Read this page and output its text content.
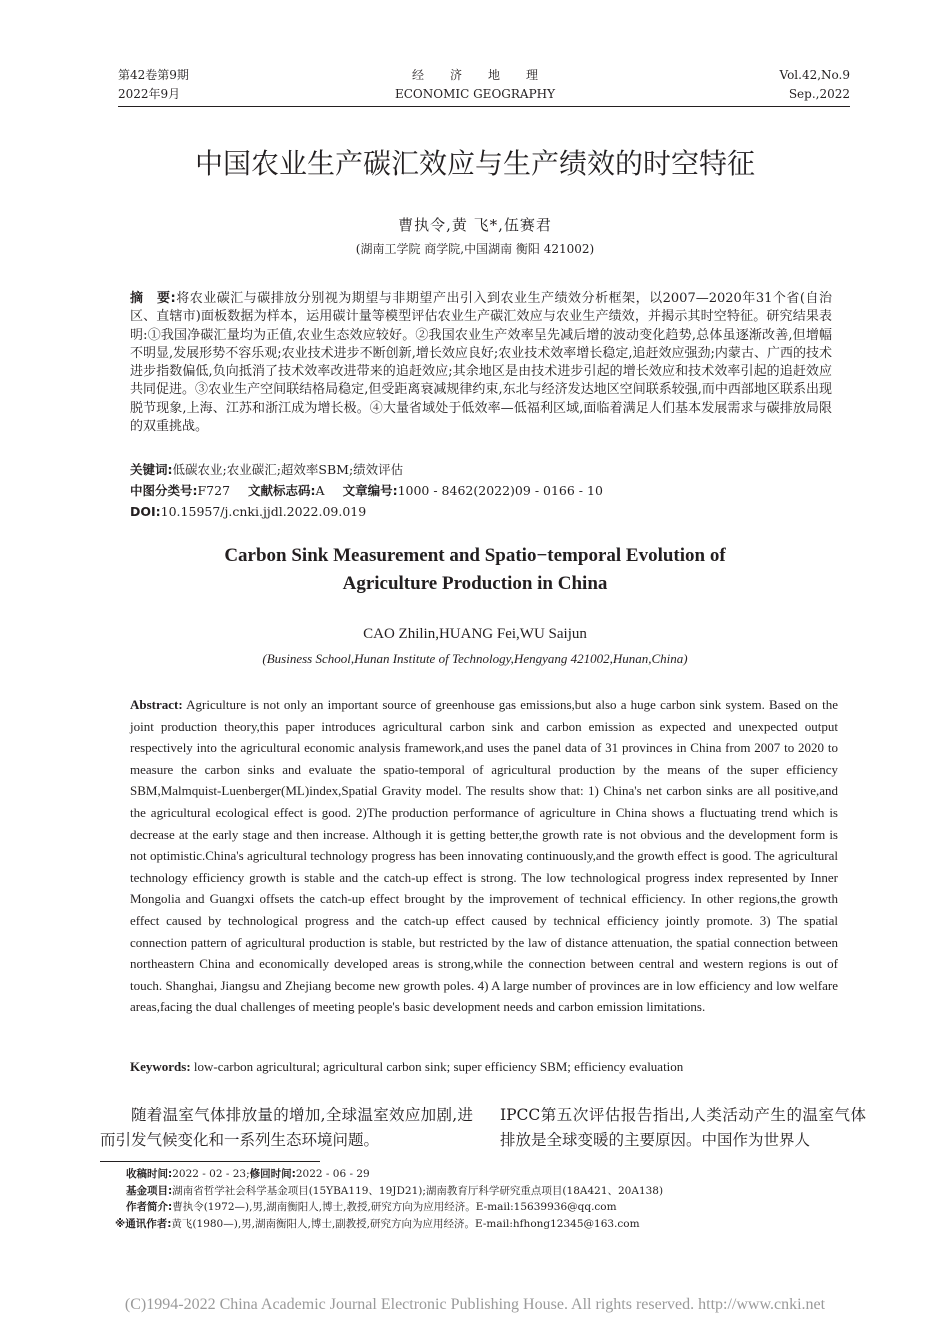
第42卷第9期
2022年9月
经济地理
ECONOMIC GEOGRAPHY
Vol.42,No.9
Sep.,2022
中国农业生产碳汇效应与生产绩效的时空特征
曹执令,黄 飞*,伍赛君
(湖南工学院 商学院,中国湖南 衡阳 421002)
摘　要:将农业碳汇与碳排放分别视为期望与非期望产出引入到农业生产绩效分析框架，以2007—2020年31个省(自治区、直辖市)面板数据为样本，运用碳计量等模型评估农业生产碳汇效应与农业生产绩效，并揭示其时空特征。研究结果表明:①我国净碳汇量均为正值,农业生态效应较好。②我国农业生产效率呈先减后增的波动变化趋势,总体虽逐渐改善,但增幅不明显,发展形势不容乐观;农业技术进步不断创新,增长效应良好;农业技术效率增长稳定,追赶效应强劲;内蒙古、广西的技术进步指数偏低,负向抵消了技术效率改进带来的追赶效应;其余地区是由技术进步引起的增长效应和技术效率引起的追赶效应共同促进。③农业生产空间联结格局稳定,但受距离衰减规律约束,东北与经济发达地区空间联系较强,而中西部地区联系出现脱节现象,上海、江苏和浙江成为增长极。④大量省域处于低效率—低福利区域,面临着满足人们基本发展需求与碳排放局限的双重挑战。
关键词:低碳农业;农业碳汇;超效率SBM;绩效评估
中图分类号:F727 文献标志码:A 文章编号:1000 - 8462(2022)09 - 0166 - 10
DOI:10.15957/j.cnki.jjdl.2022.09.019
Carbon Sink Measurement and Spatio−temporal Evolution of
Agriculture Production in China
CAO Zhilin,HUANG Fei,WU Saijun
(Business School,Hunan Institute of Technology,Hengyang 421002,Hunan,China)
Abstract: Agriculture is not only an important source of greenhouse gas emissions,but also a huge carbon sink system. Based on the joint production theory,this paper introduces agricultural carbon sink and carbon emission as expected and unexpected output respectively into the agricultural economic analysis framework,and uses the panel data of 31 provinces in China from 2007 to 2020 to measure the carbon sinks and evaluate the spatio-temporal of agricultural production by the means of the super efficiency SBM,Malmquist-Luenberger(ML)index,Spatial Gravity model. The results show that: 1) China's net carbon sinks are all positive,and the agricultural ecological effect is good. 2)The production performance of agriculture in China shows a fluctuating trend which is decrease at the early stage and then increase. Although it is getting better,the growth rate is not obvious and the development form is not optimistic.China's agricultural technology progress has been innovating continuously,and the growth effect is good. The agricultural technology efficiency growth is stable and the catch-up effect is strong. The low technological progress index represented by Inner Mongolia and Guangxi offsets the catch-up effect brought by the improvement of technical efficiency. In other regions,the growth effect caused by technological progress and the catch-up effect caused by technical efficiency jointly promote. 3) The spatial connection pattern of agricultural production is stable, but restricted by the law of distance attenuation, the spatial connection between northeastern China and economically developed areas is strong,while the connection between central and western regions is out of touch. Shanghai, Jiangsu and Zhejiang become new growth poles. 4) A large number of provinces are in low efficiency and low welfare areas,facing the dual challenges of meeting people's basic development needs and carbon emission limitations.
Keywords: low-carbon agricultural; agricultural carbon sink; super efficiency SBM; efficiency evaluation
随着温室气体排放量的增加,全球温室效应加剧,进而引发气候变化和一系列生态环境问题。
IPCC第五次评估报告指出,人类活动产生的温室气体排放是全球变暖的主要原因。中国作为世界人
收稿时间:2022 - 02 - 23;修回时间:2022 - 06 - 29
基金项目:湖南省哲学社会科学基金项目(15YBA119、19JD21);湖南教育厅科学研究重点项目(18A421、20A138)
作者简介:曹执令(1972—),男,湖南衡阳人,博士,教授,研究方向为应用经济。E-mail:15639936@qq.com
※通讯作者:黄飞(1980—),男,湖南衡阳人,博士,副教授,研究方向为应用经济。E-mail:hfhong12345@163.com
(C)1994-2022 China Academic Journal Electronic Publishing House. All rights reserved. http://www.cnki.net
